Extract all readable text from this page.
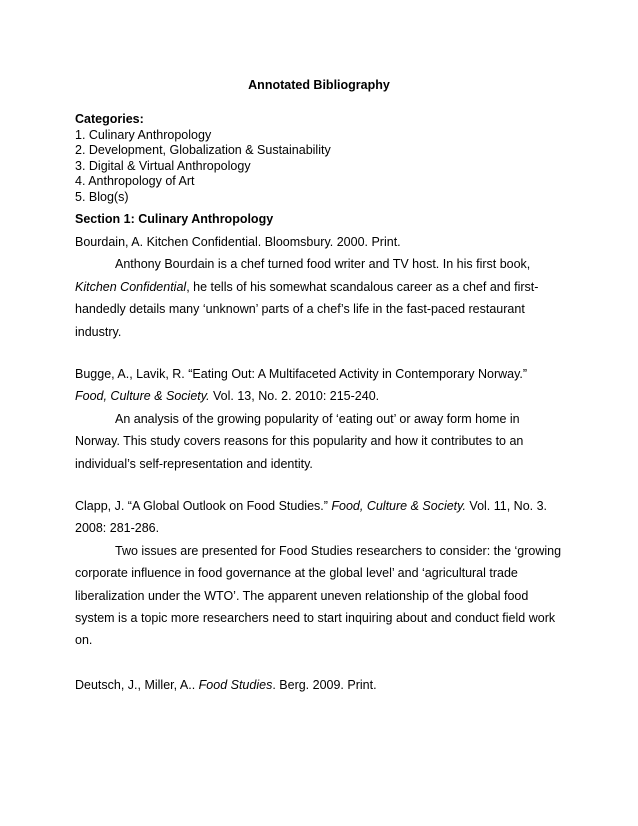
Annotated Bibliography
Categories:
1. Culinary Anthropology
2. Development, Globalization & Sustainability
3. Digital & Virtual Anthropology
4. Anthropology of Art
5. Blog(s)
Section 1: Culinary Anthropology

Bourdain, A. Kitchen Confidential. Bloomsbury. 2000. Print.

Anthony Bourdain is a chef turned food writer and TV host. In his first book,

Kitchen Confidential, he tells of his somewhat scandalous career as a chef and first-

handedly details many ‘unknown’ parts of a chef’s life in the fast-paced restaurant

industry.

Bugge, A., Lavik, R. “Eating Out: A Multifaceted Activity in Contemporary Norway.”

Food, Culture & Society. Vol. 13, No. 2. 2010: 215-240.

An analysis of the growing popularity of ‘eating out’ or away form home in

Norway. This study covers reasons for this popularity and how it contributes to an

individual’s self-representation and identity.

Clapp, J. “A Global Outlook on Food Studies.” Food, Culture & Society. Vol. 11, No. 3.

2008: 281-286.

Two issues are presented for Food Studies researchers to consider: the ‘growing

corporate influence in food governance at the global level’ and ‘agricultural trade

liberalization under the WTO’. The apparent uneven relationship of the global food

system is a topic more researchers need to start inquiring about and conduct field work

on.

Deutsch, J., Miller, A.. Food Studies. Berg. 2009. Print.
